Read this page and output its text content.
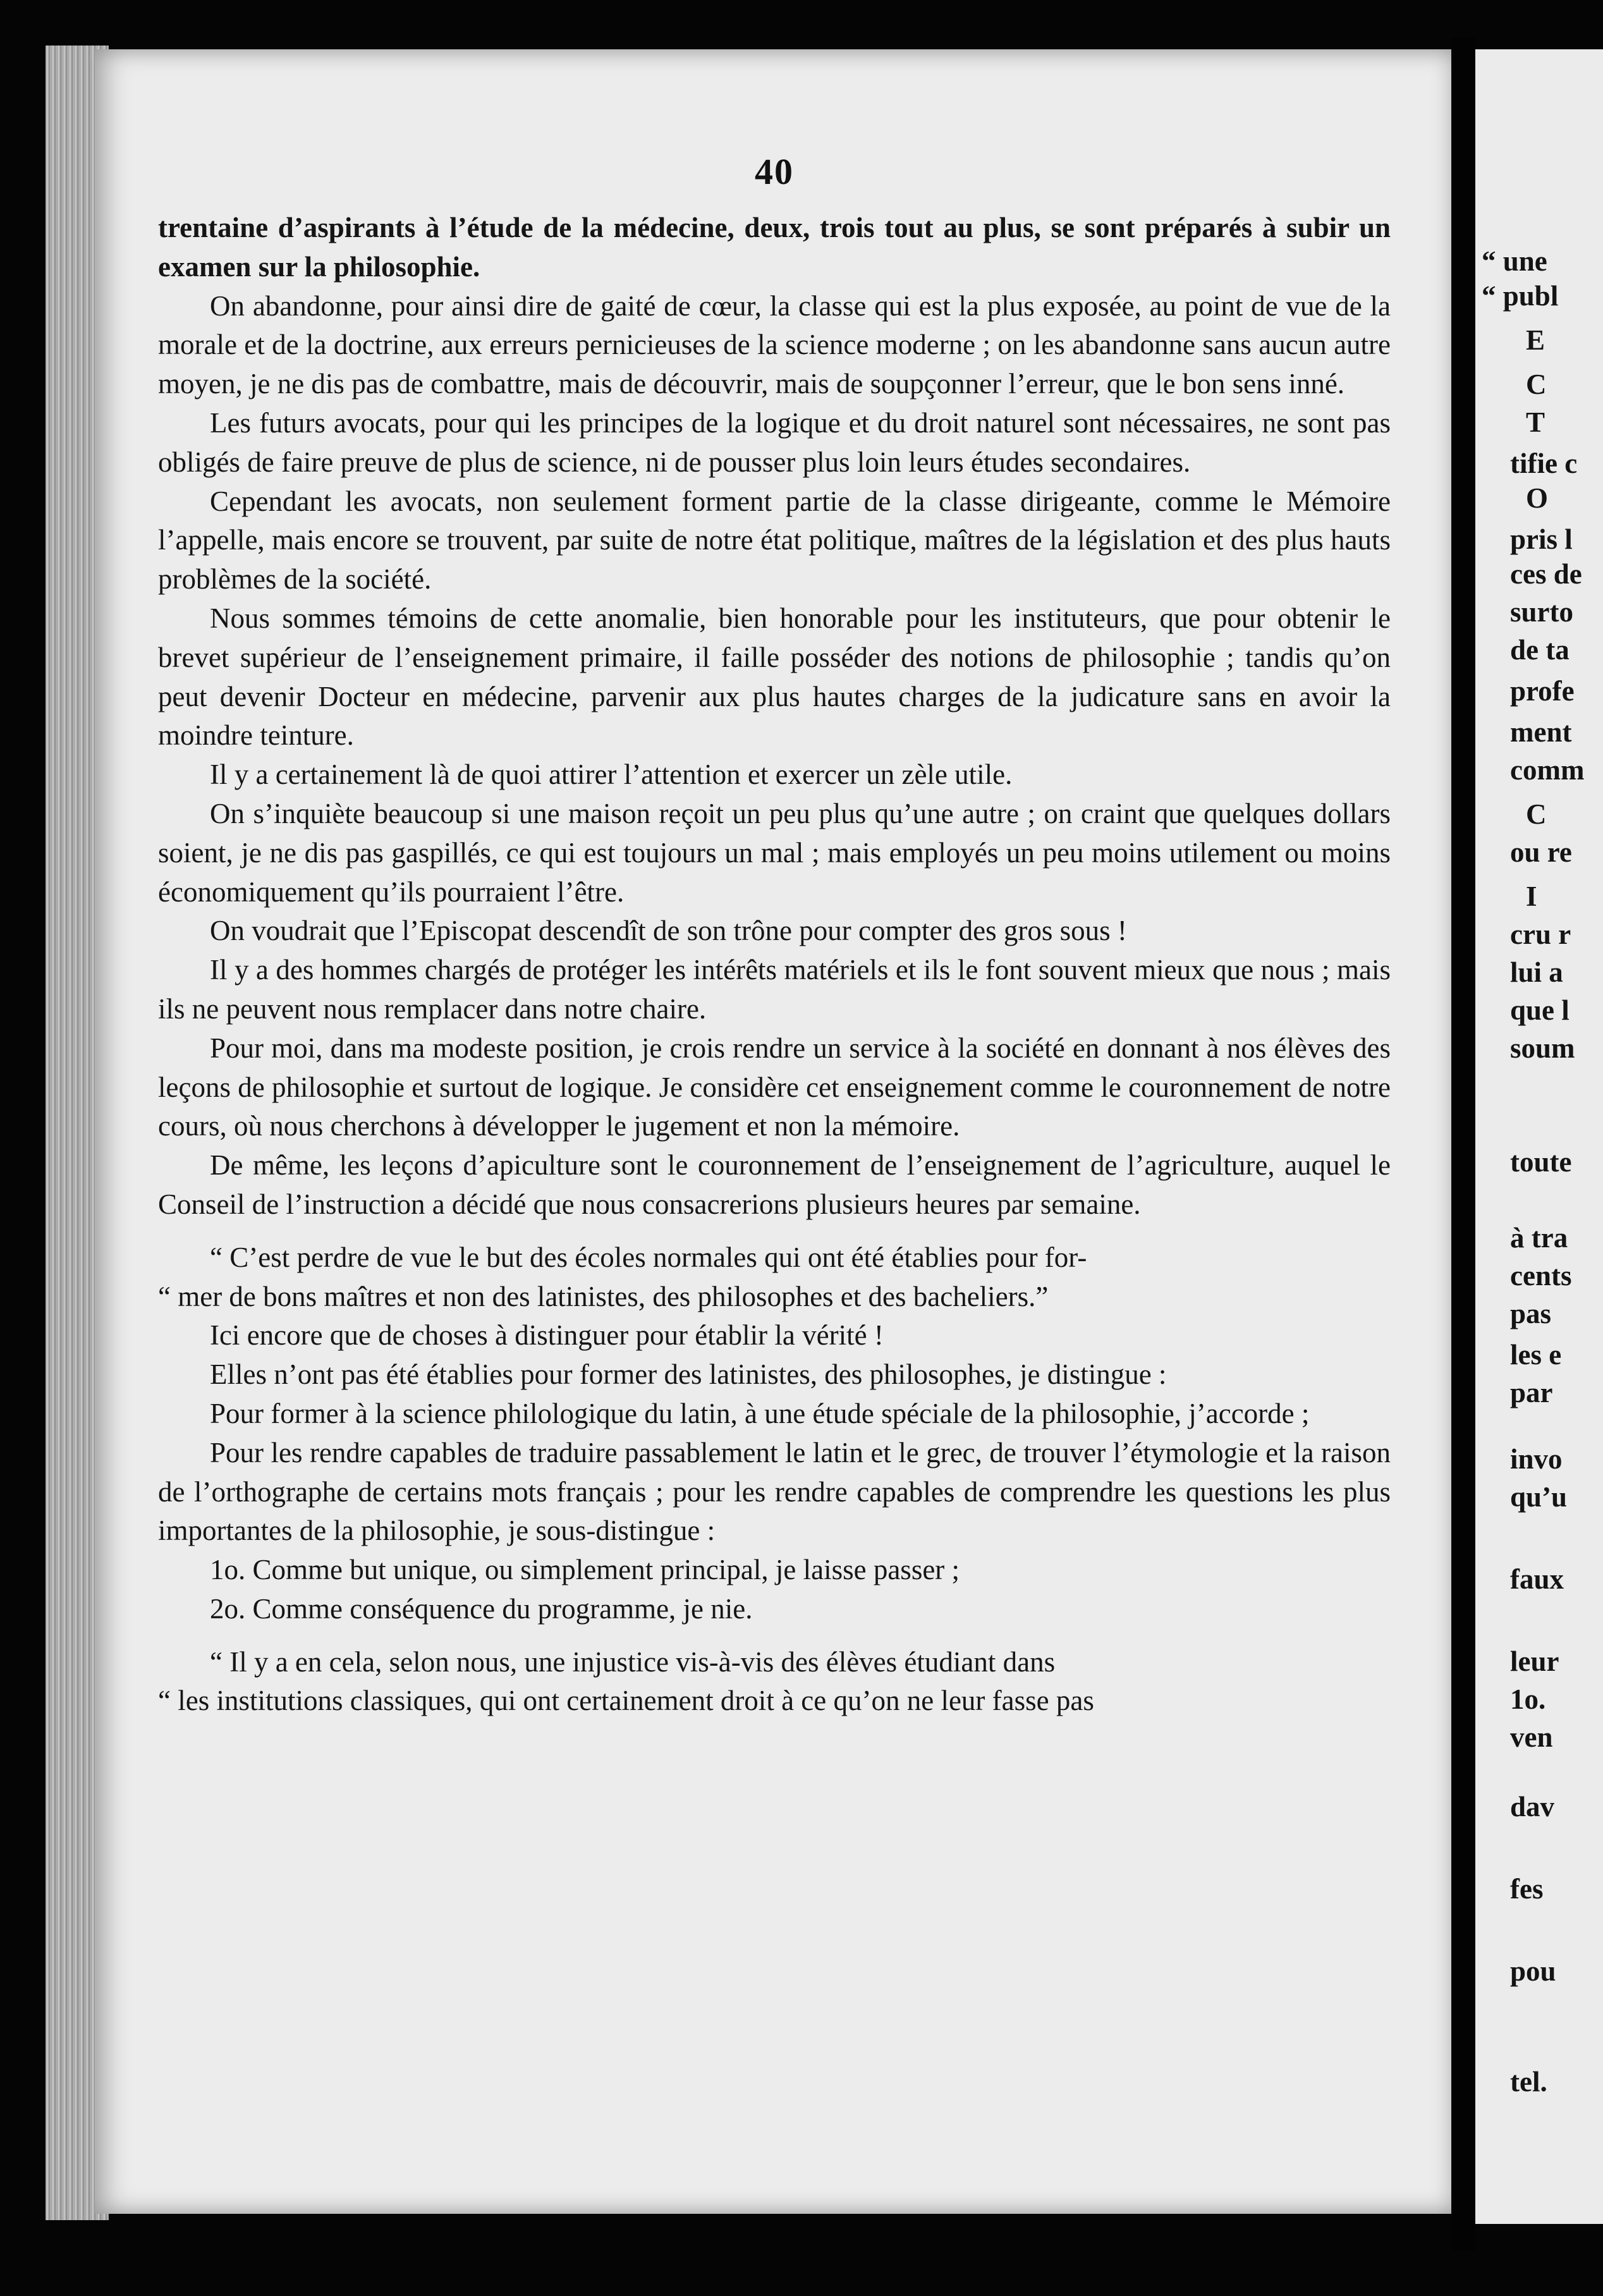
40

trentaine d’aspirants à l’étude de la médecine, deux, trois tout au plus, se sont préparés à subir un examen sur la philosophie.

On abandonne, pour ainsi dire de gaité de cœur, la classe qui est la plus exposée, au point de vue de la morale et de la doctrine, aux erreurs pernicieuses de la science moderne ; on les abandonne sans aucun autre moyen, je ne dis pas de combattre, mais de découvrir, mais de soupçonner l’erreur, que le bon sens inné.

Les futurs avocats, pour qui les principes de la logique et du droit naturel sont nécessaires, ne sont pas obligés de faire preuve de plus de science, ni de pousser plus loin leurs études secondaires.

Cependant les avocats, non seulement forment partie de la classe dirigeante, comme le Mémoire l’appelle, mais encore se trouvent, par suite de notre état politique, maîtres de la législation et des plus hauts problèmes de la société.

Nous sommes témoins de cette anomalie, bien honorable pour les instituteurs, que pour obtenir le brevet supérieur de l’enseignement primaire, il faille posséder des notions de philosophie ; tandis qu’on peut devenir Docteur en médecine, parvenir aux plus hautes charges de la judicature sans en avoir la moindre teinture.

Il y a certainement là de quoi attirer l’attention et exercer un zèle utile.

On s’inquiète beaucoup si une maison reçoit un peu plus qu’une autre ; on craint que quelques dollars soient, je ne dis pas gaspillés, ce qui est toujours un mal ; mais employés un peu moins utilement ou moins économiquement qu’ils pourraient l’être.

On voudrait que l’Episcopat descendît de son trône pour compter des gros sous !

Il y a des hommes chargés de protéger les intérêts matériels et ils le font souvent mieux que nous ; mais ils ne peuvent nous remplacer dans notre chaire.

Pour moi, dans ma modeste position, je crois rendre un service à la société en donnant à nos élèves des leçons de philosophie et surtout de logique. Je considère cet enseignement comme le couronnement de notre cours, où nous cherchons à développer le jugement et non la mémoire.

De même, les leçons d’apiculture sont le couronnement de l’enseignement de l’agriculture, auquel le Conseil de l’instruction a décidé que nous consacrerions plusieurs heures par semaine.

“ C’est perdre de vue le but des écoles normales qui ont été établies pour for-

“ mer de bons maîtres et non des latinistes, des philosophes et des bacheliers.”

Ici encore que de choses à distinguer pour établir la vérité !

Elles n’ont pas été établies pour former des latinistes, des philosophes, je distingue :

Pour former à la science philologique du latin, à une étude spéciale de la philosophie, j’accorde ;

Pour les rendre capables de traduire passablement le latin et le grec, de trouver l’étymologie et la raison de l’orthographe de certains mots français ; pour les rendre capables de comprendre les questions les plus importantes de la philosophie, je sous-distingue :

1o. Comme but unique, ou simplement principal, je laisse passer ;

2o. Comme conséquence du programme, je nie.

“ Il y a en cela, selon nous, une injustice vis-à-vis des élèves étudiant dans

“ les institutions classiques, qui ont certainement droit à ce qu’on ne leur fasse pas

“ une
“ publ
E
C
T
tifie c
O
pris l
ces de
surto
de ta
profe
ment
comm
C
ou re
I
cru r
lui a
que l
soum
toute
à tra
cents
pas
les e
par
invo
qu’u
faux
leur
1o.
ven
dav
fes
pou
tel.
